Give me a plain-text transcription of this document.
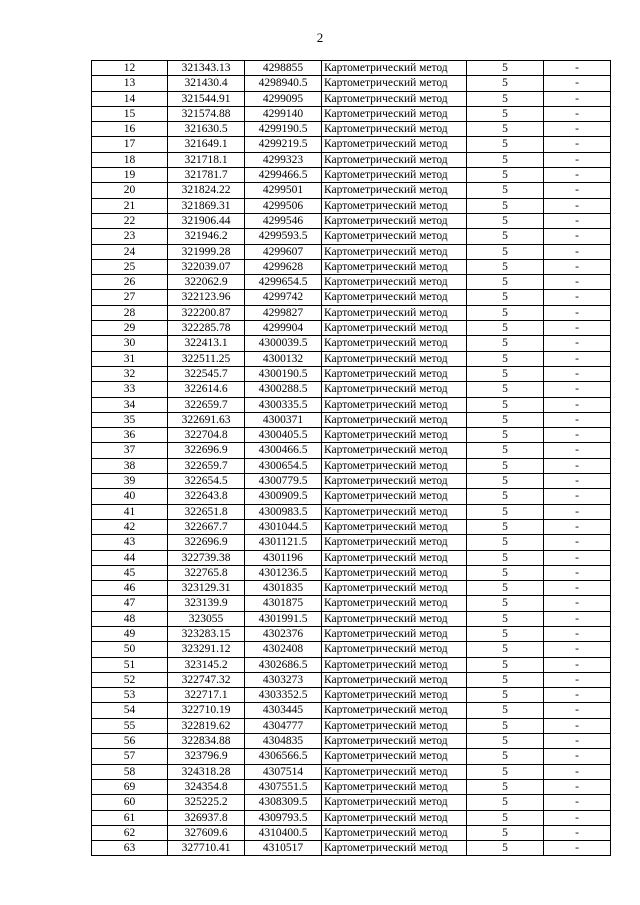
2
12	321343.13	4298855	Картометрический метод	5	-
13	321430.4	4298940.5	Картометрический метод	5	-
14	321544.91	4299095	Картометрический метод	5	-
15	321574.88	4299140	Картометрический метод	5	-
16	321630.5	4299190.5	Картометрический метод	5	-
17	321649.1	4299219.5	Картометрический метод	5	-
18	321718.1	4299323	Картометрический метод	5	-
19	321781.7	4299466.5	Картометрический метод	5	-
20	321824.22	4299501	Картометрический метод	5	-
21	321869.31	4299506	Картометрический метод	5	-
22	321906.44	4299546	Картометрический метод	5	-
23	321946.2	4299593.5	Картометрический метод	5	-
24	321999.28	4299607	Картометрический метод	5	-
25	322039.07	4299628	Картометрический метод	5	-
26	322062.9	4299654.5	Картометрический метод	5	-
27	322123.96	4299742	Картометрический метод	5	-
28	322200.87	4299827	Картометрический метод	5	-
29	322285.78	4299904	Картометрический метод	5	-
30	322413.1	4300039.5	Картометрический метод	5	-
31	322511.25	4300132	Картометрический метод	5	-
32	322545.7	4300190.5	Картометрический метод	5	-
33	322614.6	4300288.5	Картометрический метод	5	-
34	322659.7	4300335.5	Картометрический метод	5	-
35	322691.63	4300371	Картометрический метод	5	-
36	322704.8	4300405.5	Картометрический метод	5	-
37	322696.9	4300466.5	Картометрический метод	5	-
38	322659.7	4300654.5	Картометрический метод	5	-
39	322654.5	4300779.5	Картометрический метод	5	-
40	322643.8	4300909.5	Картометрический метод	5	-
41	322651.8	4300983.5	Картометрический метод	5	-
42	322667.7	4301044.5	Картометрический метод	5	-
43	322696.9	4301121.5	Картометрический метод	5	-
44	322739.38	4301196	Картометрический метод	5	-
45	322765.8	4301236.5	Картометрический метод	5	-
46	323129.31	4301835	Картометрический метод	5	-
47	323139.9	4301875	Картометрический метод	5	-
48	323055	4301991.5	Картометрический метод	5	-
49	323283.15	4302376	Картометрический метод	5	-
50	323291.12	4302408	Картометрический метод	5	-
51	323145.2	4302686.5	Картометрический метод	5	-
52	322747.32	4303273	Картометрический метод	5	-
53	322717.1	4303352.5	Картометрический метод	5	-
54	322710.19	4303445	Картометрический метод	5	-
55	322819.62	4304777	Картометрический метод	5	-
56	322834.88	4304835	Картометрический метод	5	-
57	323796.9	4306566.5	Картометрический метод	5	-
58	324318.28	4307514	Картометрический метод	5	-
69	324354.8	4307551.5	Картометрический метод	5	-
60	325225.2	4308309.5	Картометрический метод	5	-
61	326937.8	4309793.5	Картометрический метод	5	-
62	327609.6	4310400.5	Картометрический метод	5	-
63	327710.41	4310517	Картометрический метод	5	-
